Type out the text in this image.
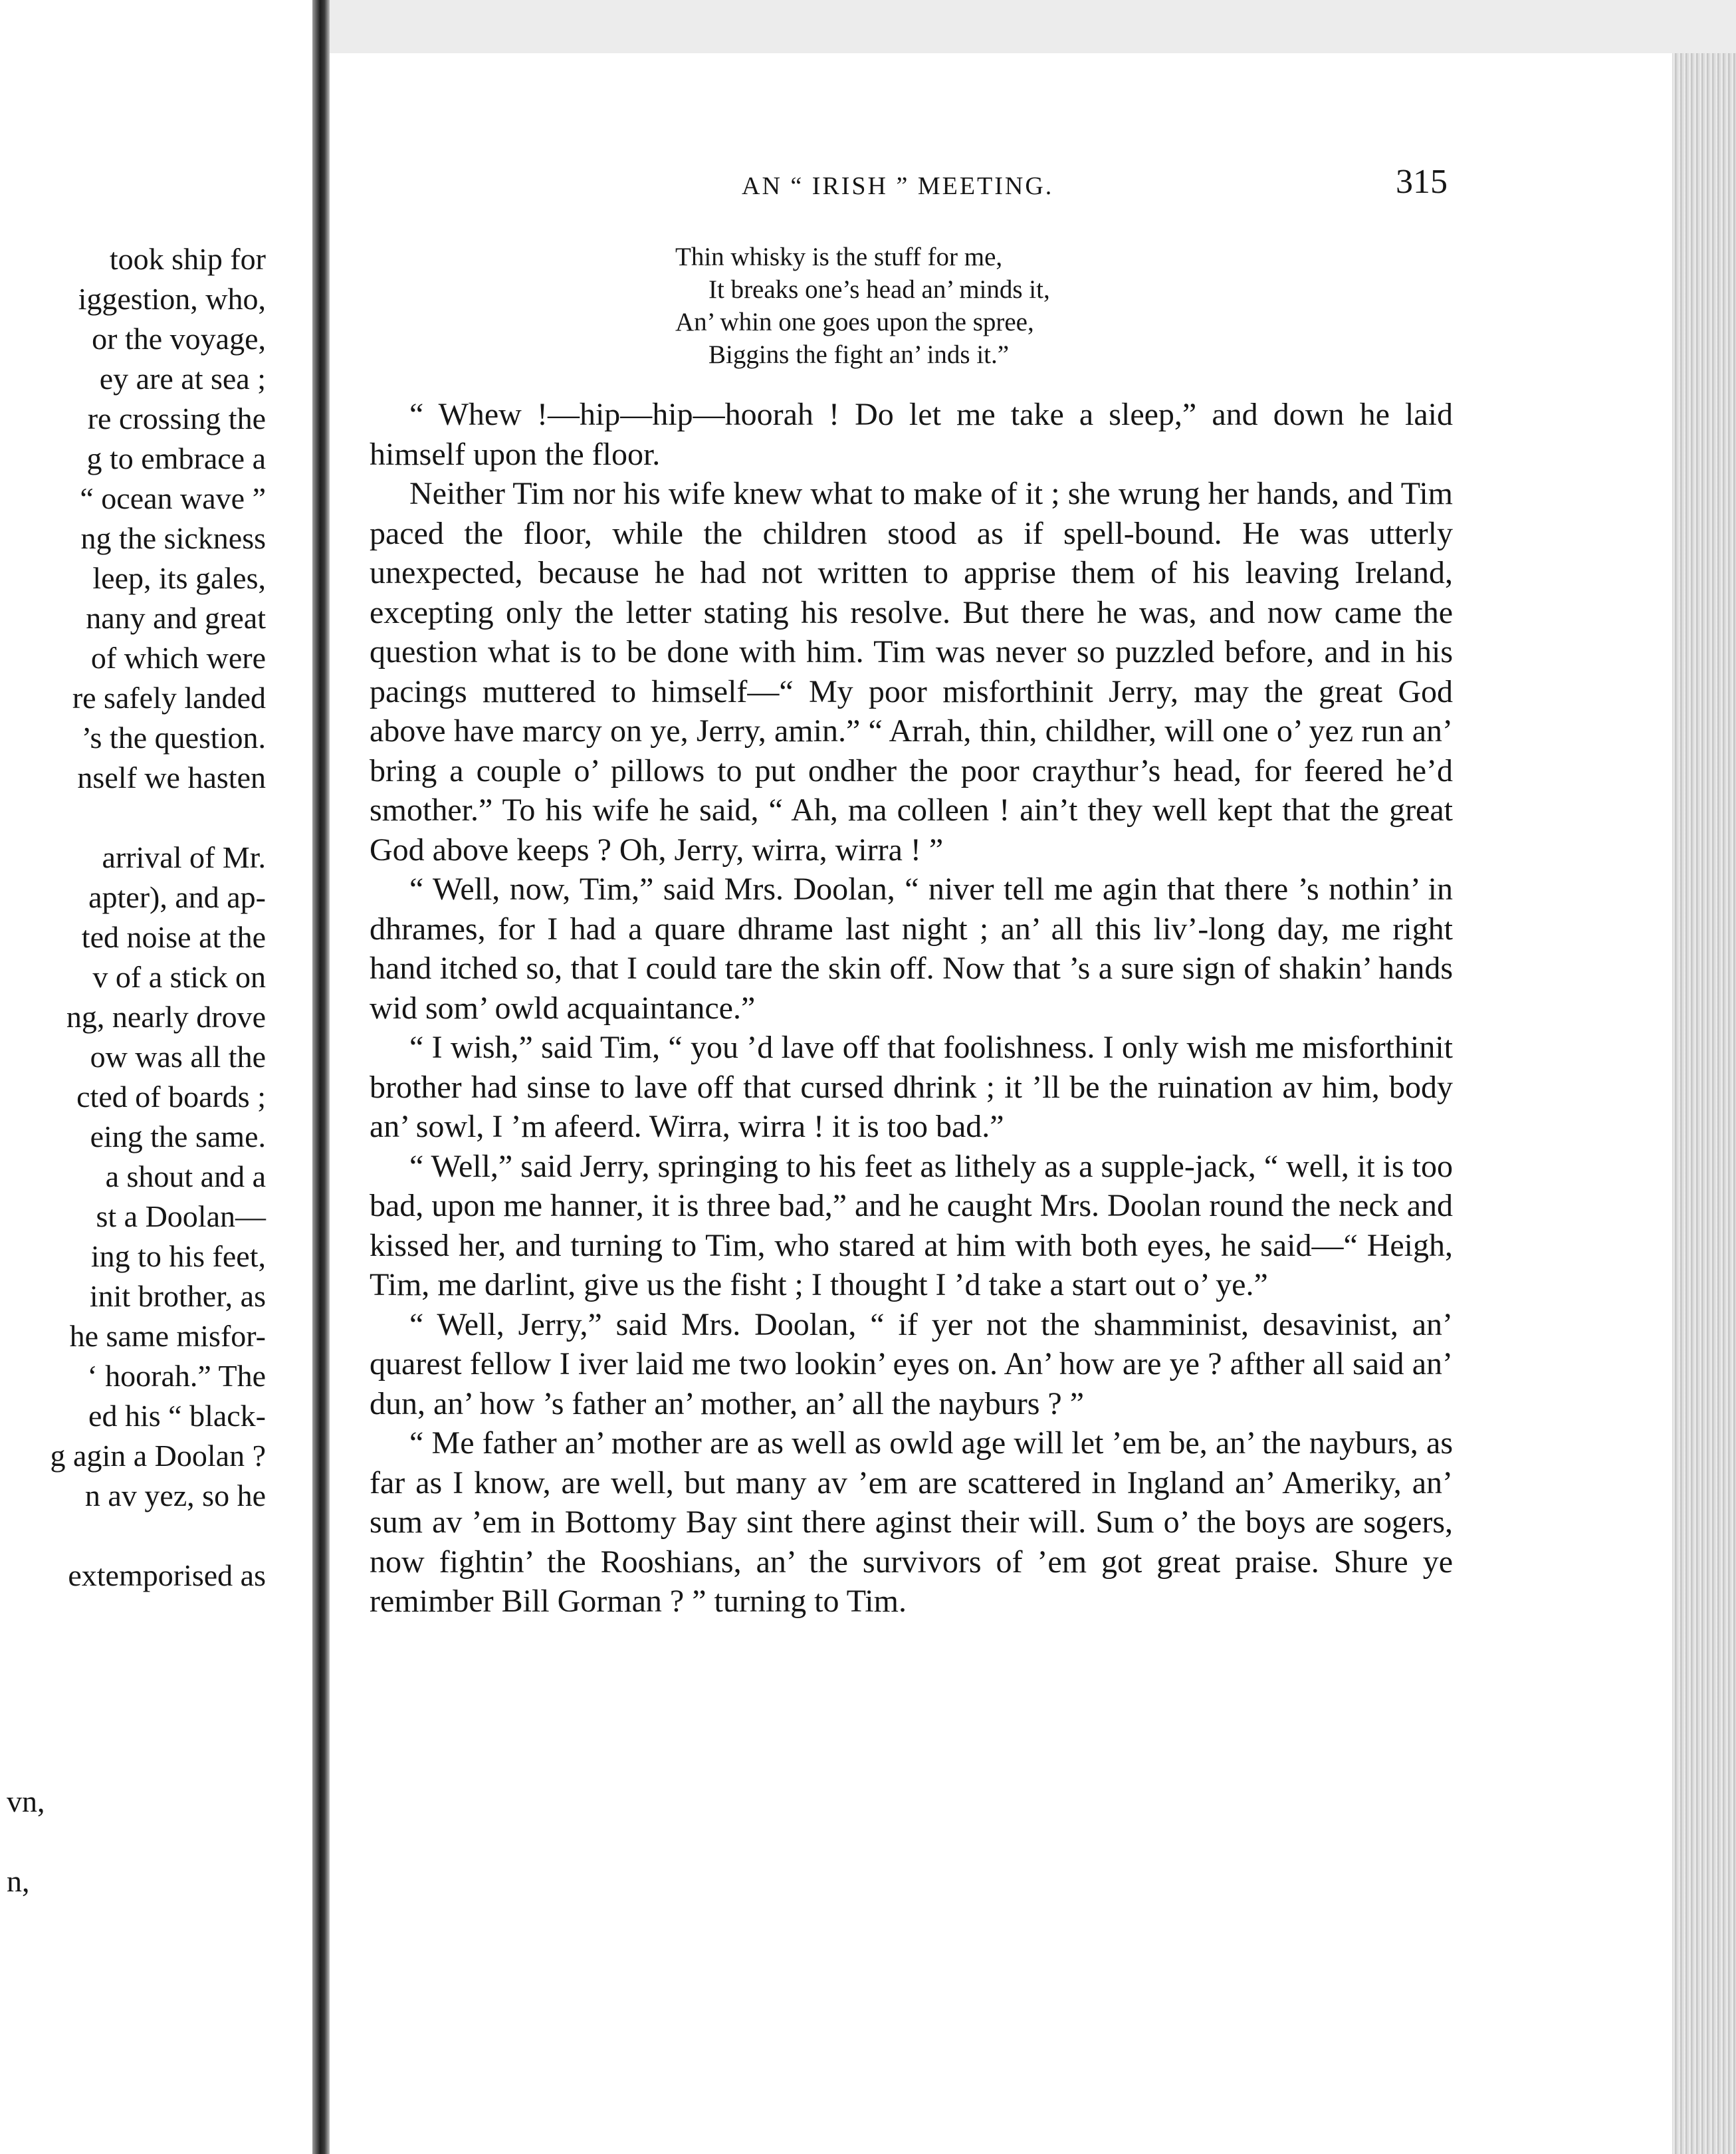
took ship for
iggestion, who,
or the voyage,
ey are at sea ;
re crossing the
g to embrace a
“ ocean wave ”
ng the sickness
leep, its gales,
nany and great
of which were
re safely landed
’s the question.
nself we hasten
arrival of Mr.
apter), and ap-
ted noise at the
v of a stick on
ng, nearly drove
ow was all the
cted of boards ;
eing the same.
a shout and a
st a Doolan—
ing to his feet,
init brother, as
he same misfor-
‘ hoorah.” The
ed his “ black-
g agin a Doolan ?
n av yez, so he
extemporised as
vn,
n,
AN “ IRISH ” MEETING.	315
Thin whisky is the stuff for me,
It breaks one’s head an’ minds it,
An’ whin one goes upon the spree,
Biggins the fight an’ inds it.”

“ Whew !—hip—hip—hoorah ! Do let me take a sleep,” and down he laid himself upon the floor.

Neither Tim nor his wife knew what to make of it ; she wrung her hands, and Tim paced the floor, while the children stood as if spell-bound. He was utterly unexpected, because he had not written to apprise them of his leaving Ireland, excepting only the letter stating his resolve. But there he was, and now came the question what is to be done with him. Tim was never so puzzled before, and in his pacings muttered to himself—“ My poor misforthinit Jerry, may the great God above have marcy on ye, Jerry, amin.” “ Arrah, thin, childher, will one o’ yez run an’ bring a couple o’ pillows to put ondher the poor craythur’s head, for feered he’d smother.” To his wife he said, “ Ah, ma colleen ! ain’t they well kept that the great God above keeps ? Oh, Jerry, wirra, wirra ! ”

“ Well, now, Tim,” said Mrs. Doolan, “ niver tell me agin that there ’s nothin’ in dhrames, for I had a quare dhrame last night ; an’ all this liv’-long day, me right hand itched so, that I could tare the skin off. Now that ’s a sure sign of shakin’ hands wid som’ owld acquaintance.”

“ I wish,” said Tim, “ you ’d lave off that foolishness. I only wish me misforthinit brother had sinse to lave off that cursed dhrink ; it ’ll be the ruination av him, body an’ sowl, I ’m afeerd. Wirra, wirra ! it is too bad.”

“ Well,” said Jerry, springing to his feet as lithely as a supple-jack, “ well, it is too bad, upon me hanner, it is three bad,” and he caught Mrs. Doolan round the neck and kissed her, and turning to Tim, who stared at him with both eyes, he said—“ Heigh, Tim, me darlint, give us the fisht ; I thought I ’d take a start out o’ ye.”

“ Well, Jerry,” said Mrs. Doolan, “ if yer not the shamminist, desavinist, an’ quarest fellow I iver laid me two lookin’ eyes on. An’ how are ye ? afther all said an’ dun, an’ how ’s father an’ mother, an’ all the nayburs ? ”

“ Me father an’ mother are as well as owld age will let ’em be, an’ the nayburs, as far as I know, are well, but many av ’em are scattered in Ingland an’ Ameriky, an’ sum av ’em in Bottomy Bay sint there aginst their will. Sum o’ the boys are sogers, now fightin’ the Rooshians, an’ the survivors of ’em got great praise. Shure ye remimber Bill Gorman ? ” turning to Tim.
